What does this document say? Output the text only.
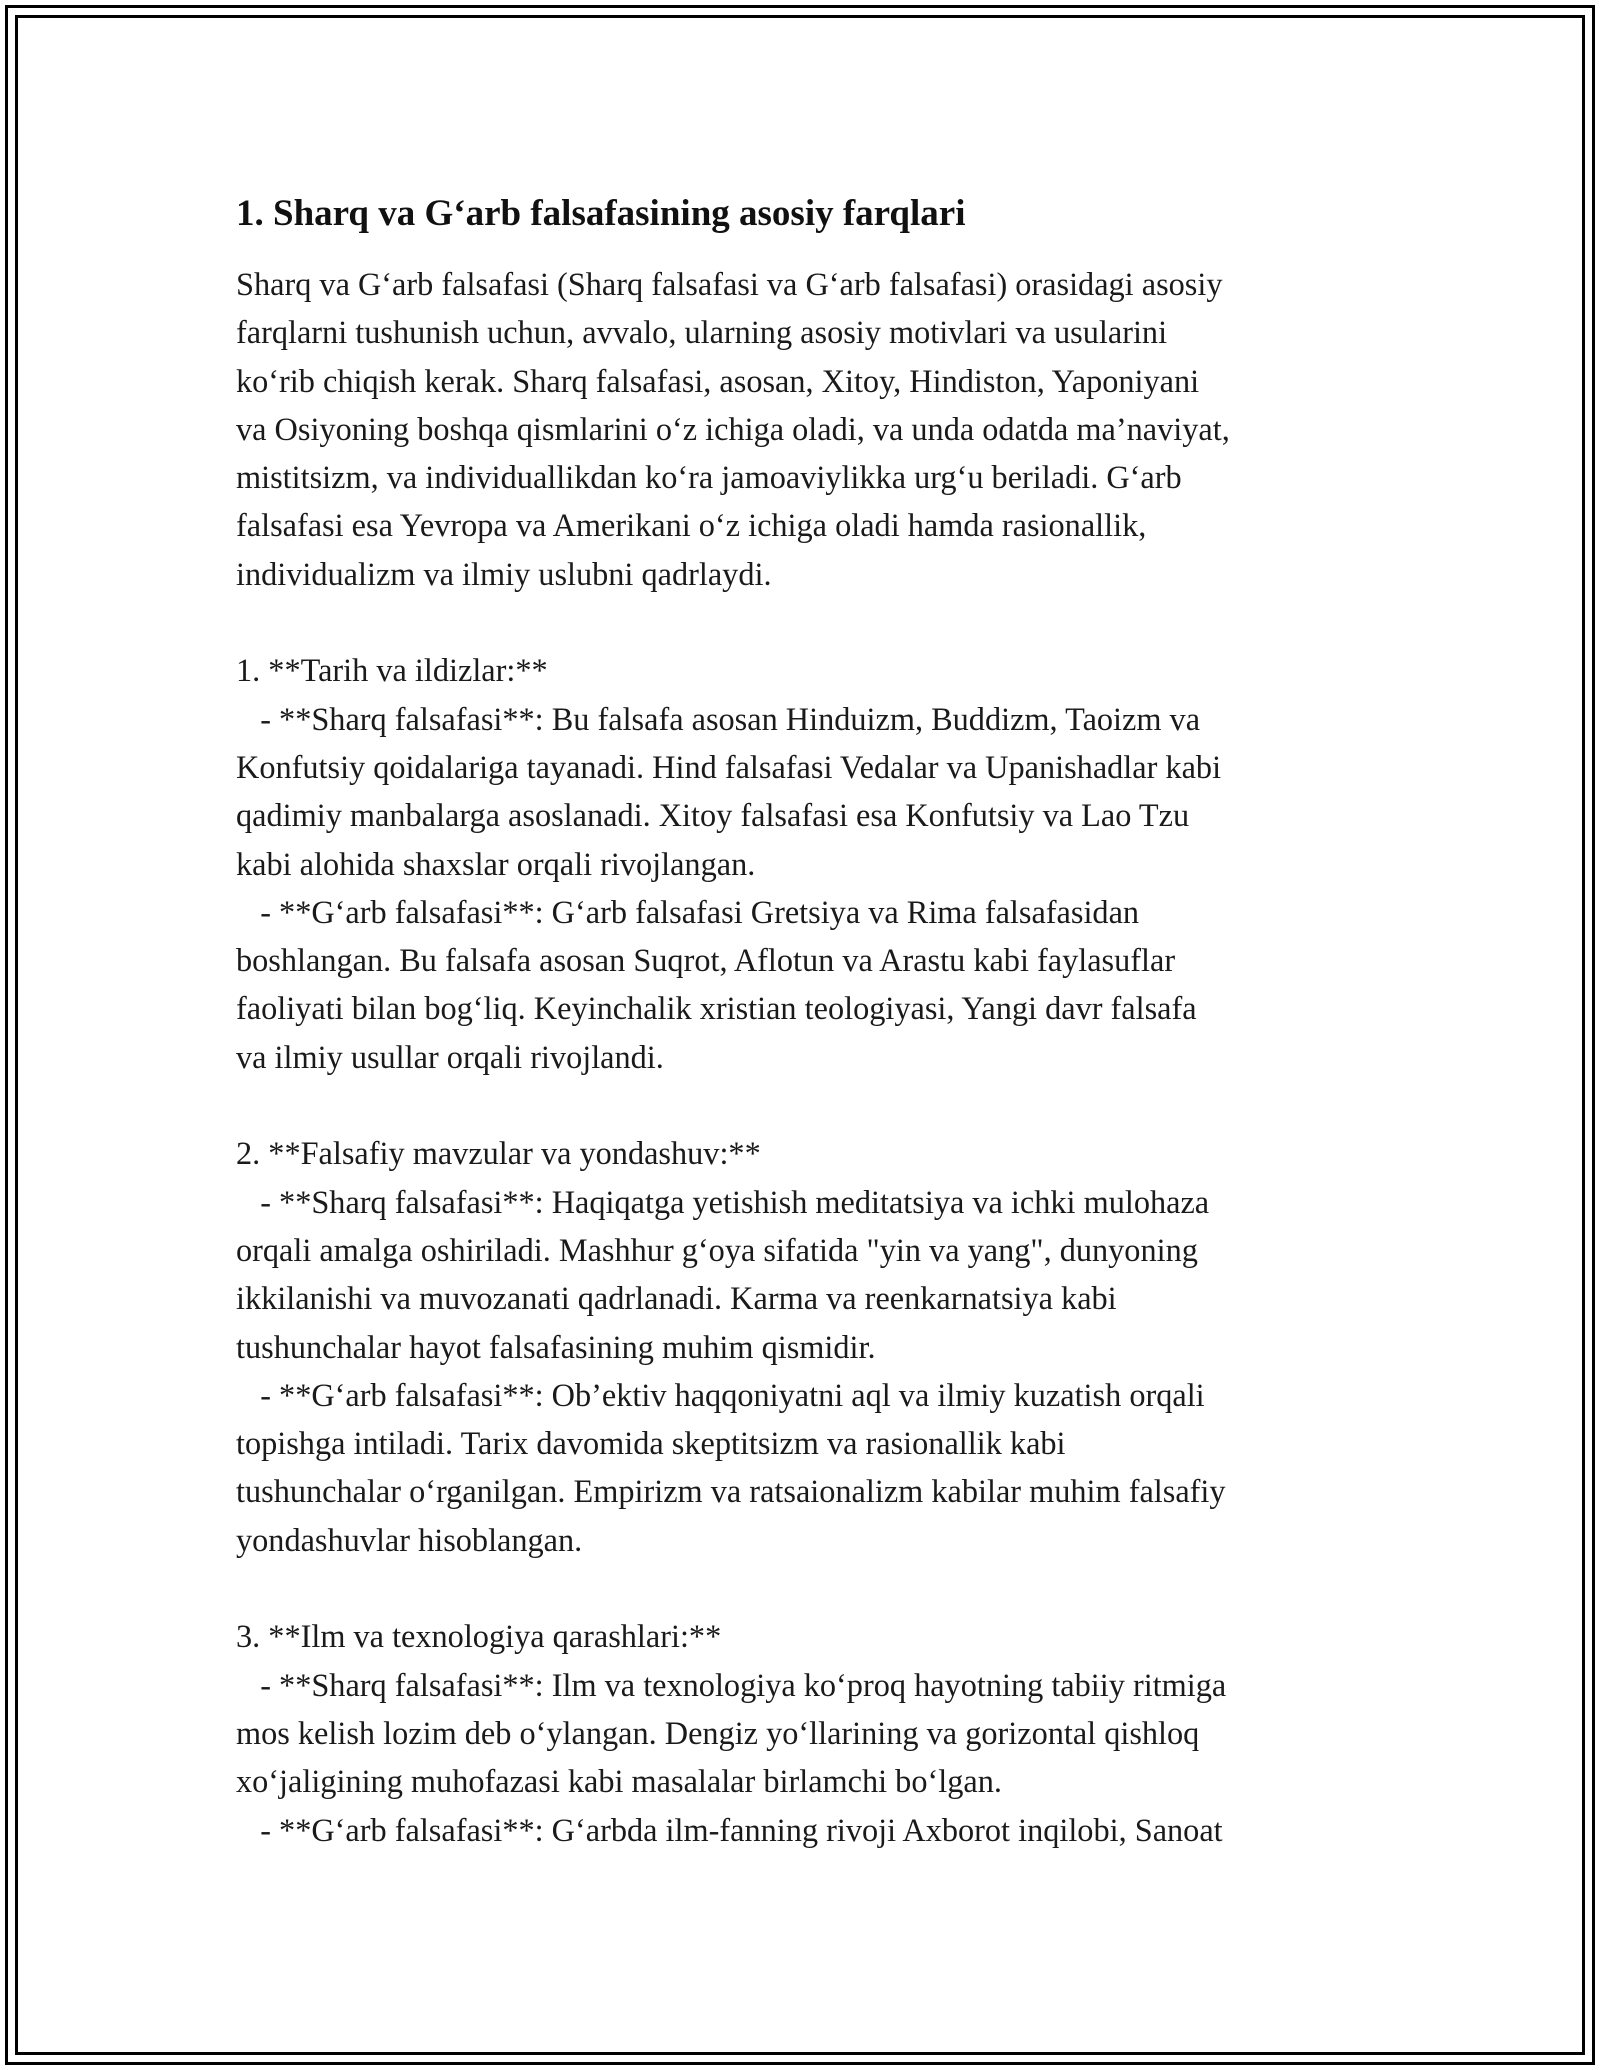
1. Sharq va G‘arb falsafasining asosiy farqlari
Sharq va G‘arb falsafasi (Sharq falsafasi va G‘arb falsafasi) orasidagi asosiy
farqlarni tushunish uchun, avvalo, ularning asosiy motivlari va usularini
ko‘rib chiqish kerak. Sharq falsafasi, asosan, Xitoy, Hindiston, Yaponiyani
va Osiyoning boshqa qismlarini o‘z ichiga oladi, va unda odatda ma’naviyat,
mistitsizm, va individuallikdan ko‘ra jamoaviylikka urg‘u beriladi. G‘arb
falsafasi esa Yevropa va Amerikani o‘z ichiga oladi hamda rasionallik,
individualizm va ilmiy uslubni qadrlaydi.
1. **Tarih va ildizlar:**
- **Sharq falsafasi**: Bu falsafa asosan Hinduizm, Buddizm, Taoizm va
Konfutsiy qoidalariga tayanadi. Hind falsafasi Vedalar va Upanishadlar kabi
qadimiy manbalarga asoslanadi. Xitoy falsafasi esa Konfutsiy va Lao Tzu
kabi alohida shaxslar orqali rivojlangan.
- **G‘arb falsafasi**: G‘arb falsafasi Gretsiya va Rima falsafasidan
boshlangan. Bu falsafa asosan Suqrot, Aflotun va Arastu kabi faylasuflar
faoliyati bilan bog‘liq. Keyinchalik xristian teologiyasi, Yangi davr falsafa
va ilmiy usullar orqali rivojlandi.
2. **Falsafiy mavzular va yondashuv:**
- **Sharq falsafasi**: Haqiqatga yetishish meditatsiya va ichki mulohaza
orqali amalga oshiriladi. Mashhur g‘oya sifatida "yin va yang", dunyoning
ikkilanishi va muvozanati qadrlanadi. Karma va reenkarnatsiya kabi
tushunchalar hayot falsafasining muhim qismidir.
- **G‘arb falsafasi**: Ob’ektiv haqqoniyatni aql va ilmiy kuzatish orqali
topishga intiladi. Tarix davomida skeptitsizm va rasionallik kabi
tushunchalar o‘rganilgan. Empirizm va ratsaionalizm kabilar muhim falsafiy
yondashuvlar hisoblangan.
3. **Ilm va texnologiya qarashlari:**
- **Sharq falsafasi**: Ilm va texnologiya ko‘proq hayotning tabiiy ritmiga
mos kelish lozim deb o‘ylangan. Dengiz yo‘llarining va gorizontal qishloq
xo‘jaligining muhofazasi kabi masalalar birlamchi bo‘lgan.
- **G‘arb falsafasi**: G‘arbda ilm-fanning rivoji Axborot inqilobi, Sanoat
